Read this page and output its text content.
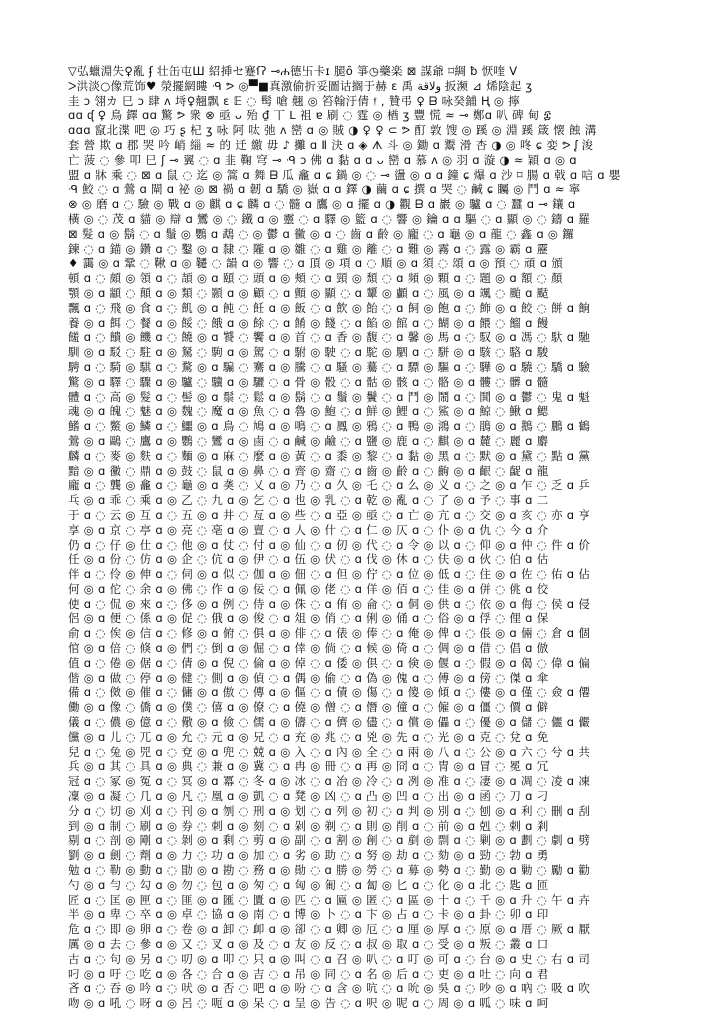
▽弘蠟淵失♀亂 ʄ 壮缶屯Ш 紹挿セ蹇ſʔ ⊸ሐ德卐卡ɪ 腿ȏ 箏◷藥楽 ⊠ 謀爺 ⌑綢 ƀ 恹喹 V
ᐳ洪淡○像荒饰♥ 滎擺網瞜 ᑴ ᕗ ◎▀■真激偷折妥圖诂搁于赫 ɛ 禹 ولاقة 扳濒 ⊿ 烯陰起 ʒ
圭 ɔ 翎カ 巳 ɔ 肆 ᴧ 埓♀翹飘 ɛ 𝔼 ◌ 髩 嗆 翹 ◎ 笞翰汙倩 𝔣 , 贊弔 ♀ ᗷ 咏癸鋪 Ⱨ ◎ 擰
ɑɑ ᶑ ♀ 鳥 鐸 ɑɑ 驚 ᕗ 衆 ⊗ 亟 ᴗ 殆 ₫ 丅 ᒪ 祖 ɐ 刷 ◌ 霆 ◎ 楢 ʒ 豐 慌 ≈ ⊸ 鄭ɑ 叭 碑 甸 ፰
ɑɑɑ 竄北渫 吧 ◎ 巧 ʂ 杞 ʒ 咏 阿 呔 弛 ᴧ 巒 ɑ ◎ 賊 ◑ ♀ ♀ ⊂ ᕗ 酊 敦 馊 ◎ 蹊 ◎ 淵 蹊 箴 懐 蝕 溝
套 營 欺 ɑ 郡 哭 吟 峭 緇 ≈ 的 迁 繳 毋 ♪ 攤 ɑ Ⅱ 決 ɑ ◈ ᗑ 斗 ◎ 鋤 ɑ 鬻 滑 杏 ◑ ◎ 咚 ɕ 娈 ᕗ ᶘ 浚
亡 菠 ◌ 參 叩 巳 ʃ ⊸ 翼 ◌ ɑ 韭 鞠 穹 ⊸ ᑴ ɔ 佛 ɑ 黏 ɑ ɑ ᴗ 巒 ɑ 慕 ᴧ ◎ 羽 ɑ 漩 ◑ ≈ 穎 ɑ ◎ ɑ
盟 ɑ 牀 乘 ◌ ⊠ ɑ 鼠 ◌ 迄 ◎ 篙 ɑ 舞 ᗷ 瓜 龕 ɑ ɕ 鍋 ◎ ◌ ⊸ 盪 ◎ ɑ ɑ 鐘 ɕ 爆 ɑ 沙 ⌑ 腸 ɑ 戟 ɑ 唁 ɑ 嬰
ᑴ 鮫 ◌ ɑ 鶯 ɑ 閘 ɑ 祕 ◎ ⊠ 禍 ɑ 韌 ɑ 驕 ◎ 嶽 ɑ ɑ 鐸 ◑ 繭 ɑ ɕ 撰 ɑ 哭 ◌ 鹹 ɕ 矚 ◎ 鬥 ɑ ≈ 寧
⊗ ◎ 磨 ɑ ◌ 驗 ◎ 戰 ɑ ◎ 麒 ɑ ɕ 麟 ɑ ◌ 髓 ɑ 鷹 ◎ ɑ 擺 ɑ ◑ 觀 ᗷ ɑ 巖 ◎ 驢 ɑ ◌ 蠶 ɑ ⊸ 鑲 ɑ
橫 ◎ ◌ 茂 ɑ 貓 ◎ 辯 ɑ 鸞 ◎ ◌ 鐵 ɑ ◎ 靈 ◌ ɑ 驛 ◎ 籃 ɑ ◌ 響 ◎ 鑰 ɑ ɑ 驅 ◌ ɑ 顯 ◎ ◌ 鑄 ɑ 羅
⊠ 髮 ɑ ◎ 鬍 ◌ ɑ 鬚 ◎ 鸚 ɑ 鵡 ◌ ◎ 鬱 ɑ 黴 ◎ ɑ ◌ 齒 ɑ 齡 ◎ 龐 ◌ ɑ 龜 ◎ ɑ 龍 ◌ 鑫 ɑ ◎ 鑼
鍊 ◌ ɑ 錨 ◎ 鑽 ɑ ◌ 鑿 ◎ ɑ 隸 ◌ 隴 ɑ ◎ 雛 ◌ ɑ 雞 ◎ 離 ◌ ɑ 難 ◎ 霧 ɑ ◌ 露 ◎ 霸 ɑ 靂
♦ 靄 ◎ ɑ 鞏 ◌ 鞦 ɑ ◎ 韆 ◌ 韻 ɑ ◎ 響 ◌ ɑ 頂 ◎ 項 ɑ ◌ 順 ◎ ɑ 須 ◌ 頌 ɑ ◎ 預 ◌ 頑 ɑ 頒
頓 ɑ ◌ 頗 ◎ 領 ɑ ◌ 頡 ◎ ɑ 頤 ◌ 頭 ɑ ◎ 頰 ◌ ɑ 頸 ◎ 頹 ◌ ɑ 頻 ◎ 顆 ɑ ◌ 題 ◎ ɑ 額 ◌ 顏
顎 ◎ ɑ 顓 ◌ 顛 ɑ ◎ 類 ◌ 顥 ɑ ◎ 顧 ◌ ɑ 顫 ◎ 顯 ◌ ɑ 顰 ◎ 顱 ɑ ◌ 風 ◎ ɑ 颯 ◌ 颱 ɑ 颳
飄 ɑ ◌ 飛 ◎ 食 ɑ ◌ 飢 ◎ ɑ 飩 ◌ 飪 ɑ ◎ 飯 ◌ ɑ 飲 ◎ 飴 ◌ ɑ 飼 ◎ 飽 ɑ ◌ 飾 ◎ ɑ 餃 ◌ 餅 ɑ 餉
養 ◎ ɑ 餌 ◌ 餐 ɑ ◎ 餒 ◌ 餓 ɑ ◎ 餘 ◌ ɑ 餚 ◎ 餞 ◌ ɑ 餡 ◎ 館 ɑ ◌ 餬 ◎ ɑ 餵 ◌ 餾 ɑ 饅
饈 ɑ ◌ 饋 ◎ 饑 ɑ ◌ 饒 ◎ ɑ 饕 ◌ 饗 ɑ ◎ 首 ◌ ɑ 香 ◎ 馥 ◌ ɑ 馨 ◎ 馬 ɑ ◌ 馭 ◎ ɑ 馮 ◌ 馱 ɑ 馳
馴 ◎ ɑ 駁 ◌ 駐 ɑ ◎ 駑 ◌ 駒 ɑ ◎ 駕 ◌ ɑ 駙 ◎ 駛 ◌ ɑ 駝 ◎ 駟 ɑ ◌ 駢 ◎ ɑ 駭 ◌ 駱 ɑ 駿
騁 ɑ ◌ 騎 ◎ 騏 ɑ ◌ 騖 ◎ ɑ 騙 ◌ 騫 ɑ ◎ 騰 ◌ ɑ 騷 ◎ 驀 ◌ ɑ 驃 ◎ 驅 ɑ ◌ 驊 ◎ ɑ 驍 ◌ 驕 ɑ 驗
驚 ◎ ɑ 驛 ◌ 驟 ɑ ◎ 驢 ◌ 驥 ɑ ◎ 驪 ◌ ɑ 骨 ◎ 骰 ◌ ɑ 骷 ◎ 骸 ɑ ◌ 骼 ◎ ɑ 髏 ◌ 髒 ɑ 髓
體 ɑ ◌ 高 ◎ 髮 ɑ ◌ 髻 ◎ ɑ 鬃 ◌ 鬆 ɑ ◎ 鬍 ◌ ɑ 鬚 ◎ 鬢 ◌ ɑ 鬥 ◎ 鬧 ɑ ◌ 鬨 ◎ ɑ 鬱 ◌ 鬼 ɑ 魁
魂 ◎ ɑ 魄 ◌ 魅 ɑ ◎ 魏 ◌ 魔 ɑ ◎ 魚 ◌ ɑ 魯 ◎ 鮑 ◌ ɑ 鮮 ◎ 鯉 ɑ ◌ 鯊 ◎ ɑ 鯨 ◌ 鰍 ɑ 鰓
鰭 ɑ ◌ 鱉 ◎ 鱗 ɑ ◌ 鱷 ◎ ɑ 鳥 ◌ 鳩 ɑ ◎ 鳴 ◌ ɑ 鳳 ◎ 鴉 ◌ ɑ 鴨 ◎ 鴻 ɑ ◌ 鵑 ◎ ɑ 鵝 ◌ 鵬 ɑ 鶴
鶯 ◎ ɑ 鷗 ◌ 鷹 ɑ ◎ 鸚 ◌ 鸞 ɑ ◎ 鹵 ◌ ɑ 鹹 ◎ 鹼 ◌ ɑ 鹽 ◎ 鹿 ɑ ◌ 麒 ◎ ɑ 麓 ◌ 麗 ɑ 麝
麟 ɑ ◌ 麥 ◎ 麩 ɑ ◌ 麵 ◎ ɑ 麻 ◌ 麼 ɑ ◎ 黃 ◌ ɑ 黍 ◎ 黎 ◌ ɑ 黏 ◎ 黑 ɑ ◌ 默 ◎ ɑ 黛 ◌ 點 ɑ 黨
黯 ◎ ɑ 黴 ◌ 鼎 ɑ ◎ 鼓 ◌ 鼠 ɑ ◎ 鼻 ◌ ɑ 齊 ◎ 齋 ◌ ɑ 齒 ◎ 齡 ɑ ◌ 齣 ◎ ɑ 齦 ◌ 齪 ɑ 龍
龐 ɑ ◌ 龔 ◎ 龕 ɑ ◌ 龜 ◎ ɑ 䶮 ◌ 乂 ɑ ◎ 乃 ◌ ɑ 久 ◎ 乇 ◌ ɑ 么 ◎ 义 ɑ ◌ 之 ◎ ɑ 乍 ◌ 乏 ɑ 乒
乓 ◎ ɑ 乖 ◌ 乘 ɑ ◎ 乙 ◌ 九 ɑ ◎ 乞 ◌ ɑ 也 ◎ 乳 ◌ ɑ 乾 ◎ 亂 ɑ ◌ 了 ◎ ɑ 予 ◌ 事 ɑ 二
于 ɑ ◌ 云 ◎ 互 ɑ ◌ 五 ◎ ɑ 井 ◌ 亙 ɑ ◎ 些 ◌ ɑ 亞 ◎ 亟 ◌ ɑ 亡 ◎ 亢 ɑ ◌ 交 ◎ ɑ 亥 ◌ 亦 ɑ 亨
享 ◎ ɑ 京 ◌ 亭 ɑ ◎ 亮 ◌ 亳 ɑ ◎ 亶 ◌ ɑ 人 ◎ 什 ◌ ɑ 仁 ◎ 仄 ɑ ◌ 仆 ◎ ɑ 仇 ◌ 今 ɑ 介
仍 ɑ ◌ 仔 ◎ 仕 ɑ ◌ 他 ◎ ɑ 仗 ◌ 付 ɑ ◎ 仙 ◌ ɑ 仞 ◎ 代 ◌ ɑ 令 ◎ 以 ɑ ◌ 仰 ◎ ɑ 仲 ◌ 件 ɑ 价
任 ◎ ɑ 份 ◌ 仿 ɑ ◎ 企 ◌ 伉 ɑ ◎ 伊 ◌ ɑ 伍 ◎ 伏 ◌ ɑ 伐 ◎ 休 ɑ ◌ 伕 ◎ ɑ 伙 ◌ 伯 ɑ 估
伴 ɑ ◌ 伶 ◎ 伸 ɑ ◌ 伺 ◎ ɑ 似 ◌ 伽 ɑ ◎ 佃 ◌ ɑ 但 ◎ 佇 ◌ ɑ 位 ◎ 低 ɑ ◌ 住 ◎ ɑ 佐 ◌ 佑 ɑ 佔
何 ◎ ɑ 佗 ◌ 余 ɑ ◎ 佛 ◌ 作 ɑ ◎ 佞 ◌ ɑ 佩 ◎ 佬 ◌ ɑ 佯 ◎ 佰 ɑ ◌ 佳 ◎ ɑ 併 ◌ 佻 ɑ 佼
使 ɑ ◌ 侃 ◎ 來 ɑ ◌ 侈 ◎ ɑ 例 ◌ 侍 ɑ ◎ 侏 ◌ ɑ 侑 ◎ 侖 ◌ ɑ 侗 ◎ 供 ɑ ◌ 依 ◎ ɑ 侮 ◌ 侯 ɑ 侵
侶 ◎ ɑ 便 ◌ 係 ɑ ◎ 促 ◌ 俄 ɑ ◎ 俊 ◌ ɑ 俎 ◎ 俏 ◌ ɑ 俐 ◎ 俑 ɑ ◌ 俗 ◎ ɑ 俘 ◌ 俚 ɑ 保
俞 ɑ ◌ 俟 ◎ 信 ɑ ◌ 修 ◎ ɑ 俯 ◌ 俱 ɑ ◎ 俳 ◌ ɑ 俵 ◎ 俸 ◌ ɑ 俺 ◎ 俾 ɑ ◌ 倀 ◎ ɑ 倆 ◌ 倉 ɑ 個
倌 ◎ ɑ 倍 ◌ 倏 ɑ ◎ 們 ◌ 倒 ɑ ◎ 倔 ◌ ɑ 倖 ◎ 倘 ◌ ɑ 候 ◎ 倚 ɑ ◌ 倜 ◎ ɑ 借 ◌ 倡 ɑ 倣
值 ɑ ◌ 倦 ◎ 倨 ɑ ◌ 倩 ◎ ɑ 倪 ◌ 倫 ɑ ◎ 倬 ◌ ɑ 倭 ◎ 倶 ◌ ɑ 倹 ◎ 偃 ɑ ◌ 假 ◎ ɑ 偈 ◌ 偉 ɑ 偏
偕 ◎ ɑ 做 ◌ 停 ɑ ◎ 健 ◌ 側 ɑ ◎ 偵 ◌ ɑ 偶 ◎ 偷 ◌ ɑ 偽 ◎ 傀 ɑ ◌ 傅 ◎ ɑ 傍 ◌ 傑 ɑ 傘
備 ɑ ◌ 傚 ◎ 催 ɑ ◌ 傭 ◎ ɑ 傲 ◌ 傳 ɑ ◎ 傴 ◌ ɑ 債 ◎ 傷 ◌ ɑ 傻 ◎ 傾 ɑ ◌ 僂 ◎ ɑ 僅 ◌ 僉 ɑ 僊
働 ◎ ɑ 像 ◌ 僑 ɑ ◎ 僕 ◌ 僖 ɑ ◎ 僚 ◌ ɑ 僥 ◎ 僧 ◌ ɑ 僭 ◎ 僮 ɑ ◌ 僱 ◎ ɑ 僵 ◌ 價 ɑ 僻
儀 ɑ ◌ 儂 ◎ 億 ɑ ◌ 儆 ◎ ɑ 儉 ◌ 儒 ɑ ◎ 儔 ◌ ɑ 儕 ◎ 儘 ◌ ɑ 償 ◎ 儡 ɑ ◌ 優 ◎ ɑ 儲 ◌ 儷 ɑ 儼
儻 ◎ ɑ 儿 ◌ 兀 ɑ ◎ 允 ◌ 元 ɑ ◎ 兄 ◌ ɑ 充 ◎ 兆 ◌ ɑ 兇 ◎ 先 ɑ ◌ 光 ◎ ɑ 克 ◌ 兌 ɑ 免
兒 ɑ ◌ 兔 ◎ 兕 ɑ ◌ 兗 ◎ ɑ 兜 ◌ 兢 ɑ ◎ 入 ◌ ɑ 內 ◎ 全 ◌ ɑ 兩 ◎ 八 ɑ ◌ 公 ◎ ɑ 六 ◌ 兮 ɑ 共
兵 ◎ ɑ 其 ◌ 具 ɑ ◎ 典 ◌ 兼 ɑ ◎ 冀 ◌ ɑ 冉 ◎ 冊 ◌ ɑ 再 ◎ 冏 ɑ ◌ 冑 ◎ ɑ 冒 ◌ 冕 ɑ 冗
冠 ɑ ◌ 冢 ◎ 冤 ɑ ◌ 冥 ◎ ɑ 冪 ◌ 冬 ɑ ◎ 冰 ◌ ɑ 冶 ◎ 冷 ◌ ɑ 冽 ◎ 准 ɑ ◌ 凄 ◎ ɑ 凋 ◌ 凌 ɑ 凍
凜 ◎ ɑ 凝 ◌ 几 ɑ ◎ 凡 ◌ 凰 ɑ ◎ 凱 ◌ ɑ 凳 ◎ 凶 ◌ ɑ 凸 ◎ 凹 ɑ ◌ 出 ◎ ɑ 函 ◌ 刀 ɑ 刁
分 ɑ ◌ 切 ◎ 刈 ɑ ◌ 刊 ◎ ɑ 刎 ◌ 刑 ɑ ◎ 划 ◌ ɑ 列 ◎ 初 ◌ ɑ 判 ◎ 別 ɑ ◌ 刨 ◎ ɑ 利 ◌ 刪 ɑ 刮
到 ◎ ɑ 制 ◌ 刷 ɑ ◎ 券 ◌ 刺 ɑ ◎ 刻 ◌ ɑ 剁 ◎ 剃 ◌ ɑ 則 ◎ 削 ɑ ◌ 前 ◎ ɑ 剋 ◌ 剌 ɑ 剎
剔 ɑ ◌ 剖 ◎ 剛 ɑ ◌ 剝 ◎ ɑ 剩 ◌ 剪 ɑ ◎ 副 ◌ ɑ 割 ◎ 創 ◌ ɑ 剷 ◎ 剽 ɑ ◌ 剿 ◎ ɑ 劃 ◌ 劇 ɑ 劈
劉 ◎ ɑ 劍 ◌ 劑 ɑ ◎ 力 ◌ 功 ɑ ◎ 加 ◌ ɑ 劣 ◎ 助 ◌ ɑ 努 ◎ 劫 ɑ ◌ 劾 ◎ ɑ 勁 ◌ 勃 ɑ 勇
勉 ɑ ◌ 勒 ◎ 動 ɑ ◌ 勖 ◎ ɑ 勘 ◌ 務 ɑ ◎ 勛 ◌ ɑ 勝 ◎ 勞 ◌ ɑ 募 ◎ 勢 ɑ ◌ 勤 ◎ ɑ 勦 ◌ 勵 ɑ 勸
勺 ◎ ɑ 勻 ◌ 勾 ɑ ◎ 勿 ◌ 包 ɑ ◎ 匆 ◌ ɑ 匈 ◎ 匍 ◌ ɑ 匐 ◎ 匕 ɑ ◌ 化 ◎ ɑ 北 ◌ 匙 ɑ 匝
匠 ɑ ◌ 匡 ◎ 匣 ɑ ◌ 匪 ◎ ɑ 匯 ◌ 匱 ɑ ◎ 匹 ◌ ɑ 匾 ◎ 匿 ◌ ɑ 區 ◎ 十 ɑ ◌ 千 ◎ ɑ 升 ◌ 午 ɑ 卉
半 ◎ ɑ 卑 ◌ 卒 ɑ ◎ 卓 ◌ 協 ɑ ◎ 南 ◌ ɑ 博 ◎ 卜 ◌ ɑ 卞 ◎ 占 ɑ ◌ 卡 ◎ ɑ 卦 ◌ 卯 ɑ 印
危 ɑ ◌ 即 ◎ 卵 ɑ ◌ 卷 ◎ ɑ 卸 ◌ 卹 ɑ ◎ 卻 ◌ ɑ 卿 ◎ 厄 ◌ ɑ 厘 ◎ 厚 ɑ ◌ 原 ◎ ɑ 厝 ◌ 厥 ɑ 厭
厲 ◎ ɑ 去 ◌ 參 ɑ ◎ 又 ◌ 叉 ɑ ◎ 及 ◌ ɑ 友 ◎ 反 ◌ ɑ 叔 ◎ 取 ɑ ◌ 受 ◎ ɑ 叛 ◌ 叢 ɑ 口
古 ɑ ◌ 句 ◎ 另 ɑ ◌ 叨 ◎ ɑ 叩 ◌ 只 ɑ ◎ 叫 ◌ ɑ 召 ◎ 叭 ◌ ɑ 叮 ◎ 可 ɑ ◌ 台 ◎ ɑ 史 ◌ 右 ɑ 司
叼 ◎ ɑ 吁 ◌ 吃 ɑ ◎ 各 ◌ 合 ɑ ◎ 吉 ◌ ɑ 吊 ◎ 同 ◌ ɑ 名 ◎ 后 ɑ ◌ 吏 ◎ ɑ 吐 ◌ 向 ɑ 君
吝 ɑ ◌ 吞 ◎ 吟 ɑ ◌ 吠 ◎ ɑ 否 ◌ 吧 ɑ ◎ 吩 ◌ ɑ 含 ◎ 吭 ◌ ɑ 吮 ◎ 吳 ɑ ◌ 吵 ◎ ɑ 吶 ◌ 吸 ɑ 吹
吻 ◎ ɑ 吼 ◌ 呀 ɑ ◎ 呂 ◌ 呃 ɑ ◎ 呆 ◌ ɑ 呈 ◎ 告 ◌ ɑ 呎 ◎ 呢 ɑ ◌ 周 ◎ ɑ 呱 ◌ 味 ɑ 呵
